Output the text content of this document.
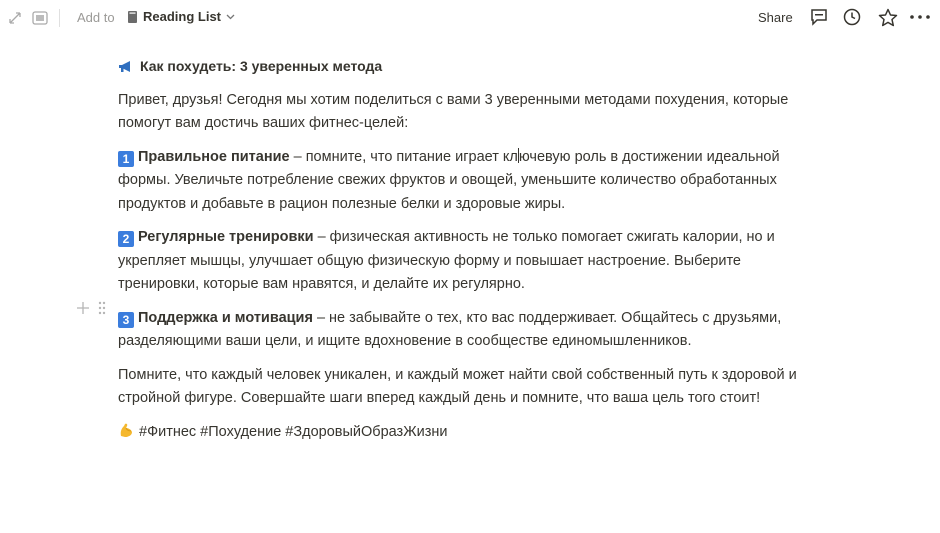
Add to Reading List	Share
Как похудеть: 3 уверенных метода
Привет, друзья! Сегодня мы хотим поделиться с вами 3 уверенными методами похудения, которые помогут вам достичь ваших фитнес-целей:
1 Правильное питание – помните, что питание играет ключевую роль в достижении идеальной формы. Увеличьте потребление свежих фруктов и овощей, уменьшите количество обработанных продуктов и добавьте в рацион полезные белки и здоровые жиры.
2 Регулярные тренировки – физическая активность не только помогает сжигать калории, но и укрепляет мышцы, улучшает общую физическую форму и повышает настроение. Выберите тренировки, которые вам нравятся, и делайте их регулярно.
3 Поддержка и мотивация – не забывайте о тех, кто вас поддерживает. Общайтесь с друзьями, разделяющими ваши цели, и ищите вдохновение в сообществе единомышленников.
Помните, что каждый человек уникален, и каждый может найти свой собственный путь к здоровой и стройной фигуре. Совершайте шаги вперед каждый день и помните, что ваша цель того стоит!
#Фитнес #Похудение #ЗдоровыйОбразЖизни
